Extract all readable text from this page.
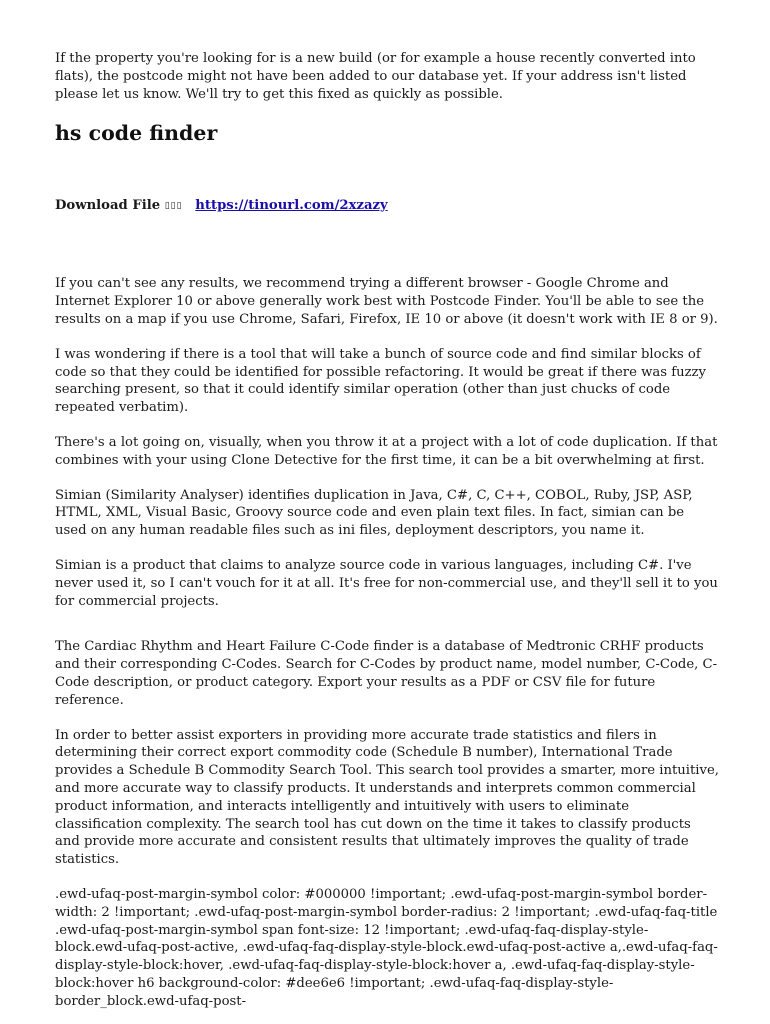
If the property you're looking for is a new build (or for example a house recently converted into flats), the postcode might not have been added to our database yet. If your address isn't listed please let us know. We'll try to get this fixed as quickly as possible.

hs code finder
Download File ▯▯▯ https://tinourl.com/2xzazy

If you can't see any results, we recommend trying a different browser - Google Chrome and Internet Explorer 10 or above generally work best with Postcode Finder. You'll be able to see the results on a map if you use Chrome, Safari, Firefox, IE 10 or above (it doesn't work with IE 8 or 9).

I was wondering if there is a tool that will take a bunch of source code and find similar blocks of code so that they could be identified for possible refactoring. It would be great if there was fuzzy searching present, so that it could identify similar operation (other than just chucks of code repeated verbatim).

There's a lot going on, visually, when you throw it at a project with a lot of code duplication. If that combines with your using Clone Detective for the first time, it can be a bit overwhelming at first.

Simian (Similarity Analyser) identifies duplication in Java, C#, C, C++, COBOL, Ruby, JSP, ASP, HTML, XML, Visual Basic, Groovy source code and even plain text files. In fact, simian can be used on any human readable files such as ini files, deployment descriptors, you name it.

Simian is a product that claims to analyze source code in various languages, including C#. I've never used it, so I can't vouch for it at all. It's free for non-commercial use, and they'll sell it to you for commercial projects.

The Cardiac Rhythm and Heart Failure C-Code finder is a database of Medtronic CRHF products and their corresponding C-Codes. Search for C-Codes by product name, model number, C-Code, C-Code description, or product category. Export your results as a PDF or CSV file for future reference.

In order to better assist exporters in providing more accurate trade statistics and filers in determining their correct export commodity code (Schedule B number), International Trade provides a Schedule B Commodity Search Tool. This search tool provides a smarter, more intuitive, and more accurate way to classify products. It understands and interprets common commercial product information, and interacts intelligently and intuitively with users to eliminate classification complexity. The search tool has cut down on the time it takes to classify products and provide more accurate and consistent results that ultimately improves the quality of trade statistics.

.ewd-ufaq-post-margin-symbol color: #000000 !important; .ewd-ufaq-post-margin-symbol border-width: 2 !important; .ewd-ufaq-post-margin-symbol border-radius: 2 !important; .ewd-ufaq-faq-title .ewd-ufaq-post-margin-symbol span font-size: 12 !important; .ewd-ufaq-faq-display-style-block.ewd-ufaq-post-active, .ewd-ufaq-faq-display-style-block.ewd-ufaq-post-active a,.ewd-ufaq-faq-display-style-block:hover, .ewd-ufaq-faq-display-style-block:hover a, .ewd-ufaq-faq-display-style-block:hover h6 background-color: #dee6e6 !important; .ewd-ufaq-faq-display-style-border_block.ewd-ufaq-post-
